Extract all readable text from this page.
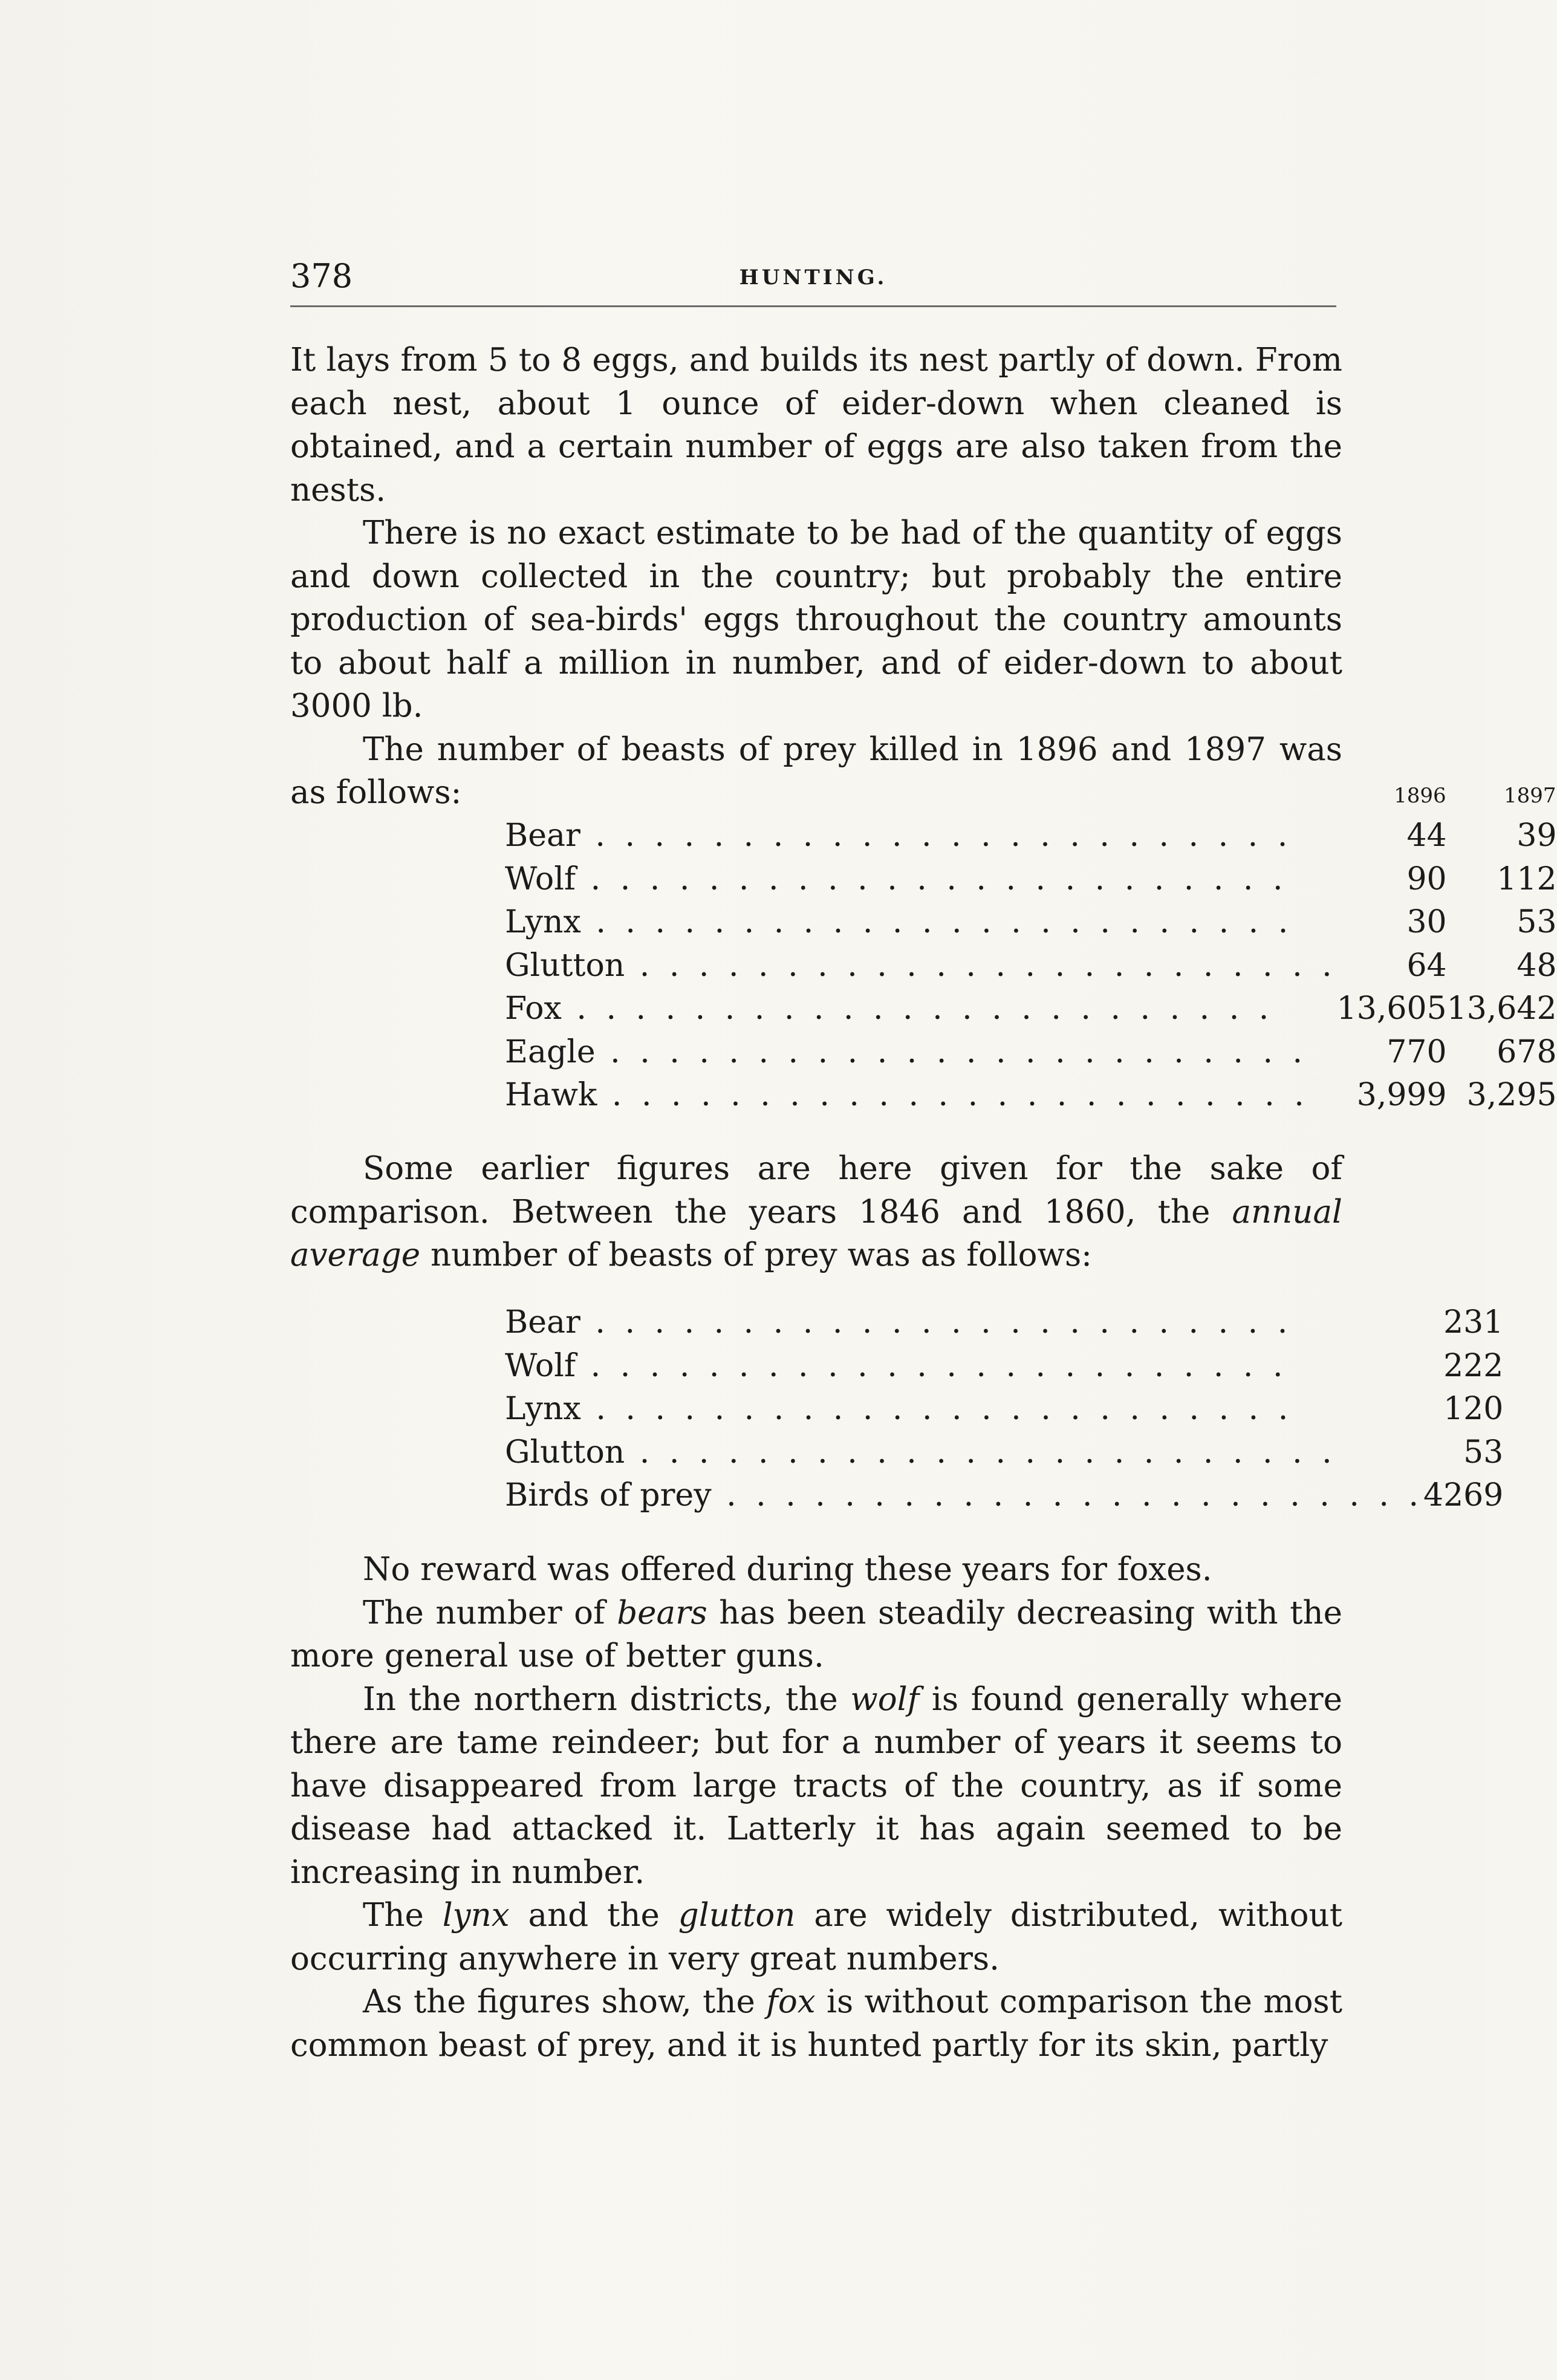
378	HUNTING.

It lays from 5 to 8 eggs, and builds its nest partly of down. From each nest, about 1 ounce of eider-down when cleaned is obtained, and a certain number of eggs are also taken from the nests.

There is no exact estimate to be had of the quantity of eggs and down collected in the country; but probably the entire production of sea-birds' eggs throughout the country amounts to about half a million in number, and of eider-down to about 3000 lb.

The number of beasts of prey killed in 1896 and 1897 was as follows:

		1896	1897
Bear . . .	44	39
Wolf . . .	90	112
Lynx . . .	30	53
Glutton . . .	64	48
Fox . . .	13,605	13,642
Eagle . . .	770	678
Hawk . . .	3,999	3,295

Some earlier figures are here given for the sake of comparison. Between the years 1846 and 1860, the annual average number of beasts of prey was as follows:

Bear . . .	231
Wolf . . .	222
Lynx . . .	120
Glutton . . .	53
Birds of prey . . .	4269

No reward was offered during these years for foxes.

The number of bears has been steadily decreasing with the more general use of better guns.

In the northern districts, the wolf is found generally where there are tame reindeer; but for a number of years it seems to have disappeared from large tracts of the country, as if some disease had attacked it. Latterly it has again seemed to be increasing in number.

The lynx and the glutton are widely distributed, without occurring anywhere in very great numbers.

As the figures show, the fox is without comparison the most common beast of prey, and it is hunted partly for its skin, partly
